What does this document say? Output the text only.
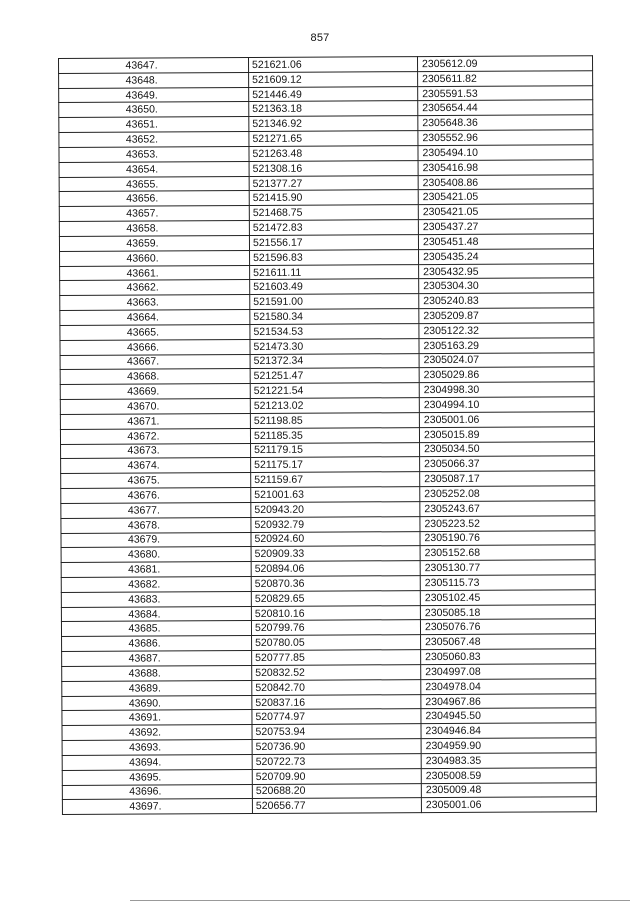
857
43647.	521621.06	2305612.09
43648.	521609.12	2305611.82
43649.	521446.49	2305591.53
43650.	521363.18	2305654.44
43651.	521346.92	2305648.36
43652.	521271.65	2305552.96
43653.	521263.48	2305494.10
43654.	521308.16	2305416.98
43655.	521377.27	2305408.86
43656.	521415.90	2305421.05
43657.	521468.75	2305421.05
43658.	521472.83	2305437.27
43659.	521556.17	2305451.48
43660.	521596.83	2305435.24
43661.	521611.11	2305432.95
43662.	521603.49	2305304.30
43663.	521591.00	2305240.83
43664.	521580.34	2305209.87
43665.	521534.53	2305122.32
43666.	521473.30	2305163.29
43667.	521372.34	2305024.07
43668.	521251.47	2305029.86
43669.	521221.54	2304998.30
43670.	521213.02	2304994.10
43671.	521198.85	2305001.06
43672.	521185.35	2305015.89
43673.	521179.15	2305034.50
43674.	521175.17	2305066.37
43675.	521159.67	2305087.17
43676.	521001.63	2305252.08
43677.	520943.20	2305243.67
43678.	520932.79	2305223.52
43679.	520924.60	2305190.76
43680.	520909.33	2305152.68
43681.	520894.06	2305130.77
43682.	520870.36	2305115.73
43683.	520829.65	2305102.45
43684.	520810.16	2305085.18
43685.	520799.76	2305076.76
43686.	520780.05	2305067.48
43687.	520777.85	2305060.83
43688.	520832.52	2304997.08
43689.	520842.70	2304978.04
43690.	520837.16	2304967.86
43691.	520774.97	2304945.50
43692.	520753.94	2304946.84
43693.	520736.90	2304959.90
43694.	520722.73	2304983.35
43695.	520709.90	2305008.59
43696.	520688.20	2305009.48
43697.	520656.77	2305001.06
